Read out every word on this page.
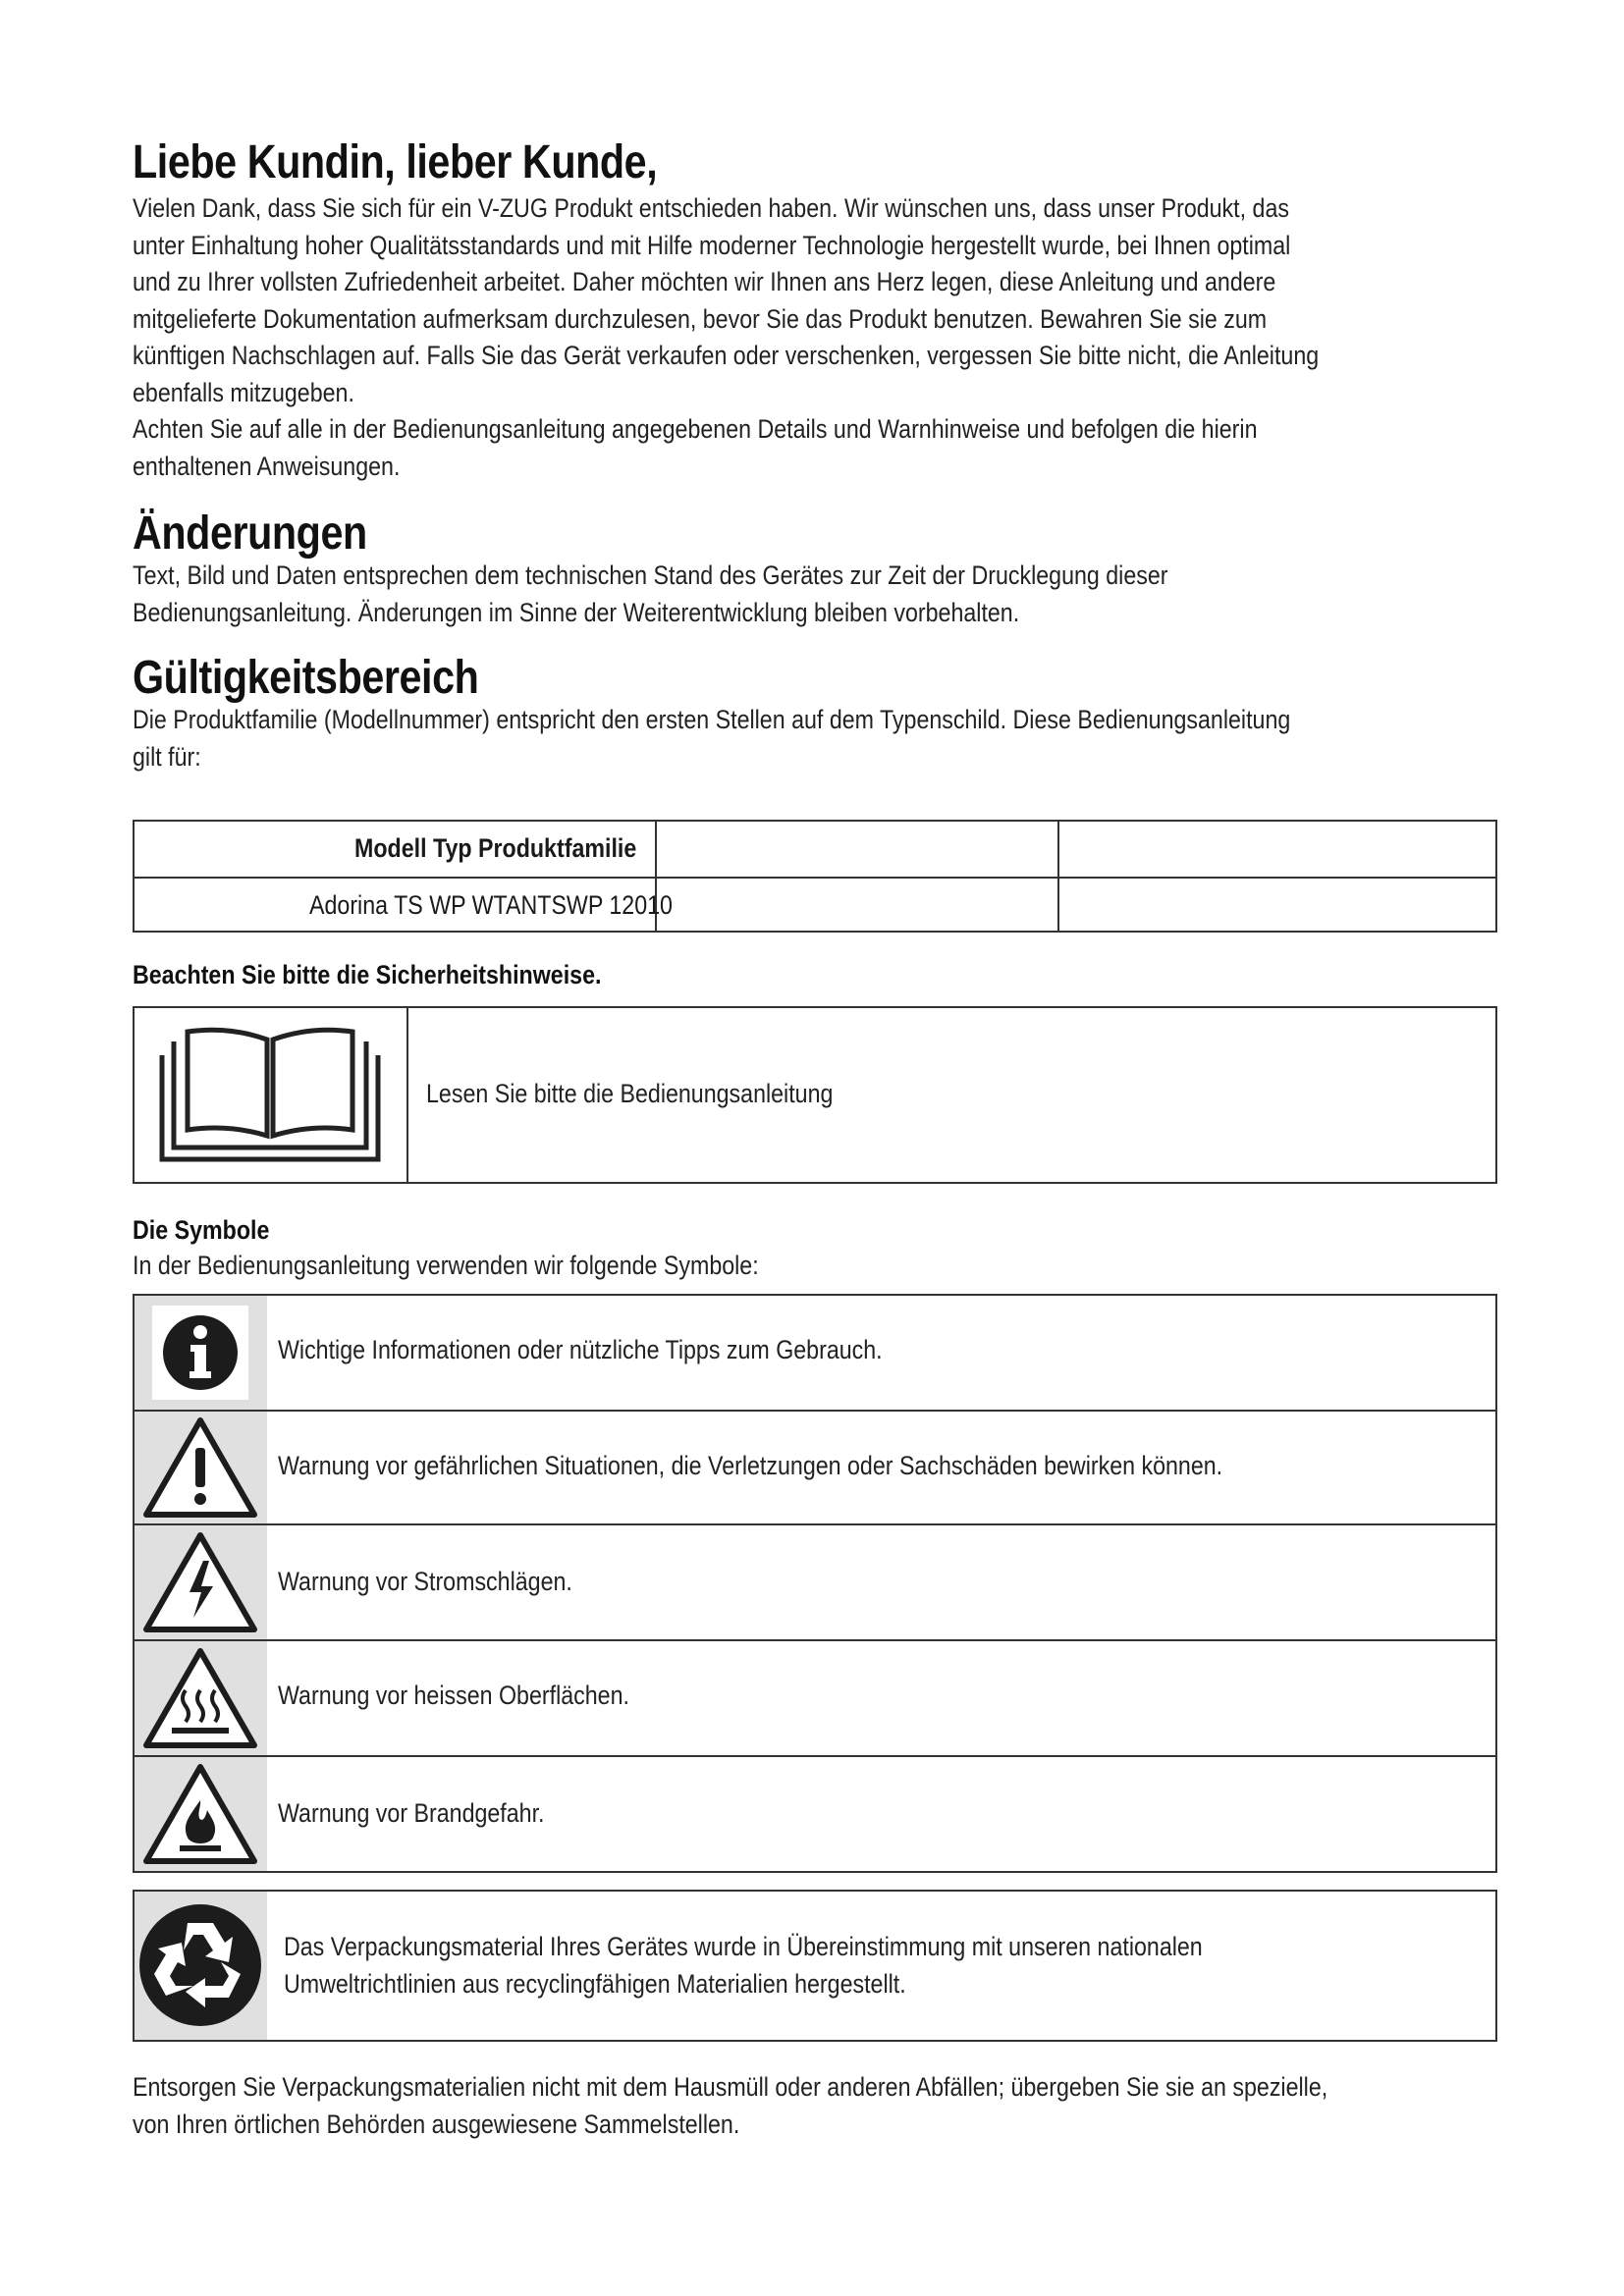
Liebe Kundin, lieber Kunde,

Vielen Dank, dass Sie sich für ein V-ZUG Produkt entschieden haben. Wir wünschen uns, dass unser Produkt, das
unter Einhaltung hoher Qualitätsstandards und mit Hilfe moderner Technologie hergestellt wurde, bei Ihnen optimal
und zu Ihrer vollsten Zufriedenheit arbeitet. Daher möchten wir Ihnen ans Herz legen, diese Anleitung und andere
mitgelieferte Dokumentation aufmerksam durchzulesen, bevor Sie das Produkt benutzen. Bewahren Sie sie zum
künftigen Nachschlagen auf. Falls Sie das Gerät verkaufen oder verschenken, vergessen Sie bitte nicht, die Anleitung
ebenfalls mitzugeben.
Achten Sie auf alle in der Bedienungsanleitung angegebenen Details und Warnhinweise und befolgen die hierin
enthaltenen Anweisungen.

Änderungen

Text, Bild und Daten entsprechen dem technischen Stand des Gerätes zur Zeit der Drucklegung dieser
Bedienungsanleitung. Änderungen im Sinne der Weiterentwicklung bleiben vorbehalten.

Gültigkeitsbereich

Die Produktfamilie (Modellnummer) entspricht den ersten Stellen auf dem Typenschild. Diese Bedienungsanleitung
gilt für:

Modell Typ Produktfamilie
Adorina TS WP WTANTSWP 12010
Beachten Sie bitte die Sicherheitshinweise.
Lesen Sie bitte die Bedienungsanleitung
Die Symbole
In der Bedienungsanleitung verwenden wir folgende Symbole:
Wichtige Informationen oder nützliche Tipps zum Gebrauch.
Warnung vor gefährlichen Situationen, die Verletzungen oder Sachschäden bewirken können.
Warnung vor Stromschlägen.
Warnung vor heissen Oberflächen.
Warnung vor Brandgefahr.

Das Verpackungsmaterial Ihres Gerätes wurde in Übereinstimmung mit unseren nationalen
Umweltrichtlinien aus recyclingfähigen Materialien hergestellt.

Entsorgen Sie Verpackungsmaterialien nicht mit dem Hausmüll oder anderen Abfällen; übergeben Sie sie an spezielle,
von Ihren örtlichen Behörden ausgewiesene Sammelstellen.
